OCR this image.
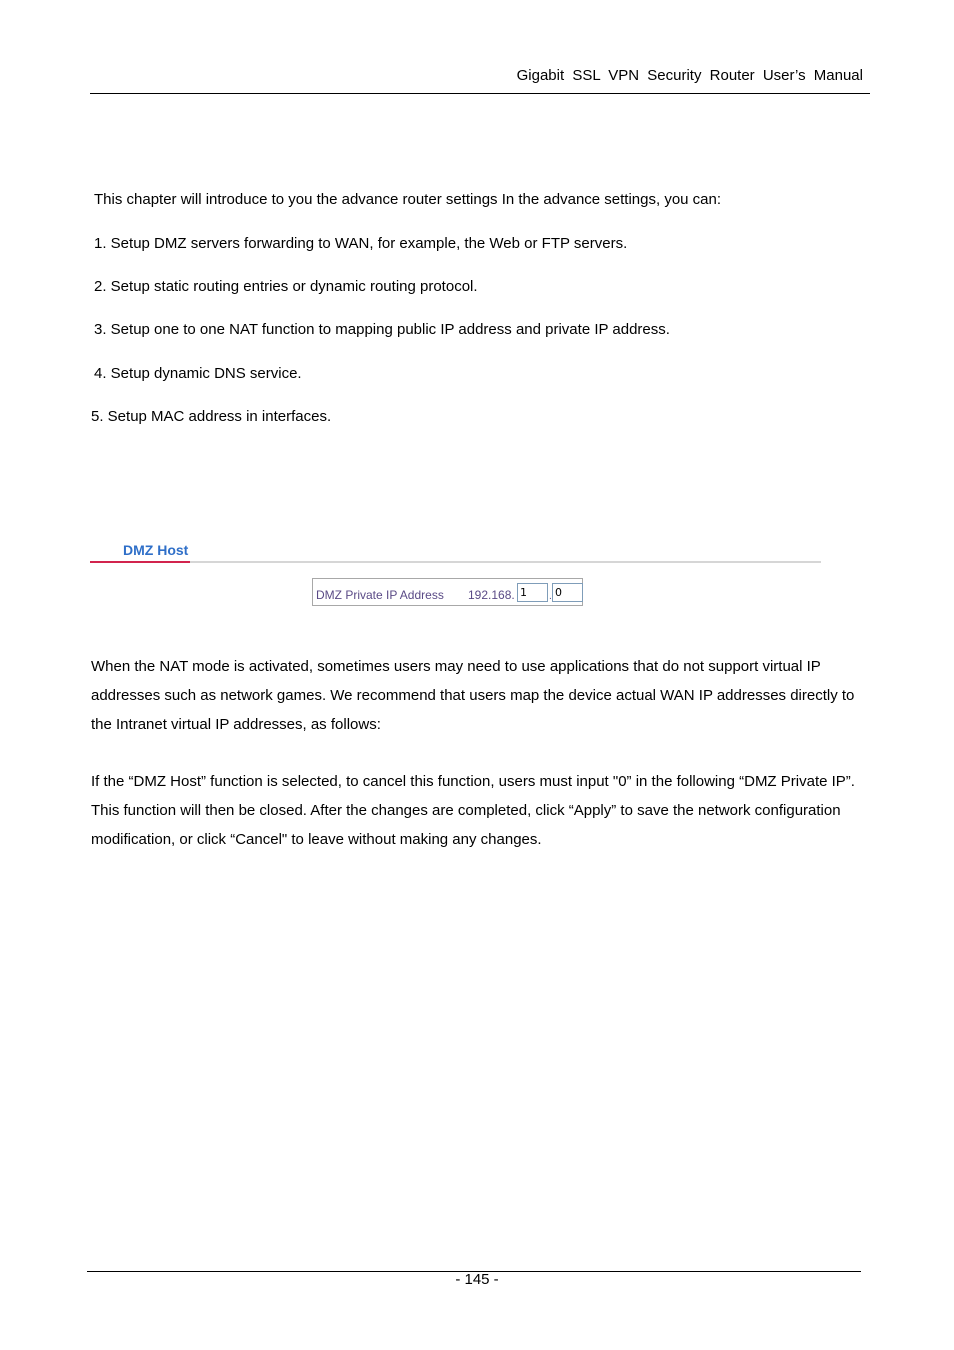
Gigabit SSL VPN Security Router User’s Manual
This chapter will introduce to you the advance router settings In the advance settings, you can:
1. Setup DMZ servers forwarding to WAN, for example, the Web or FTP servers.
2. Setup static routing entries or dynamic routing protocol.
3. Setup one to one NAT function to mapping public IP address and private IP address.
4. Setup dynamic DNS service.
5. Setup MAC address in interfaces.
DMZ Host
DMZ Private IP Address 192.168.
1	.
0
When the NAT mode is activated, sometimes users may need to use applications that do not support virtual IP addresses such as network games. We recommend that users map the device actual WAN IP addresses directly to the Intranet virtual IP addresses, as follows:
If the “DMZ Host” function is selected, to cancel this function, users must input "0” in the following “DMZ Private IP”. This function will then be closed. After the changes are completed, click “Apply” to save the network configuration modification, or click “Cancel" to leave without making any changes.
- 145 -
